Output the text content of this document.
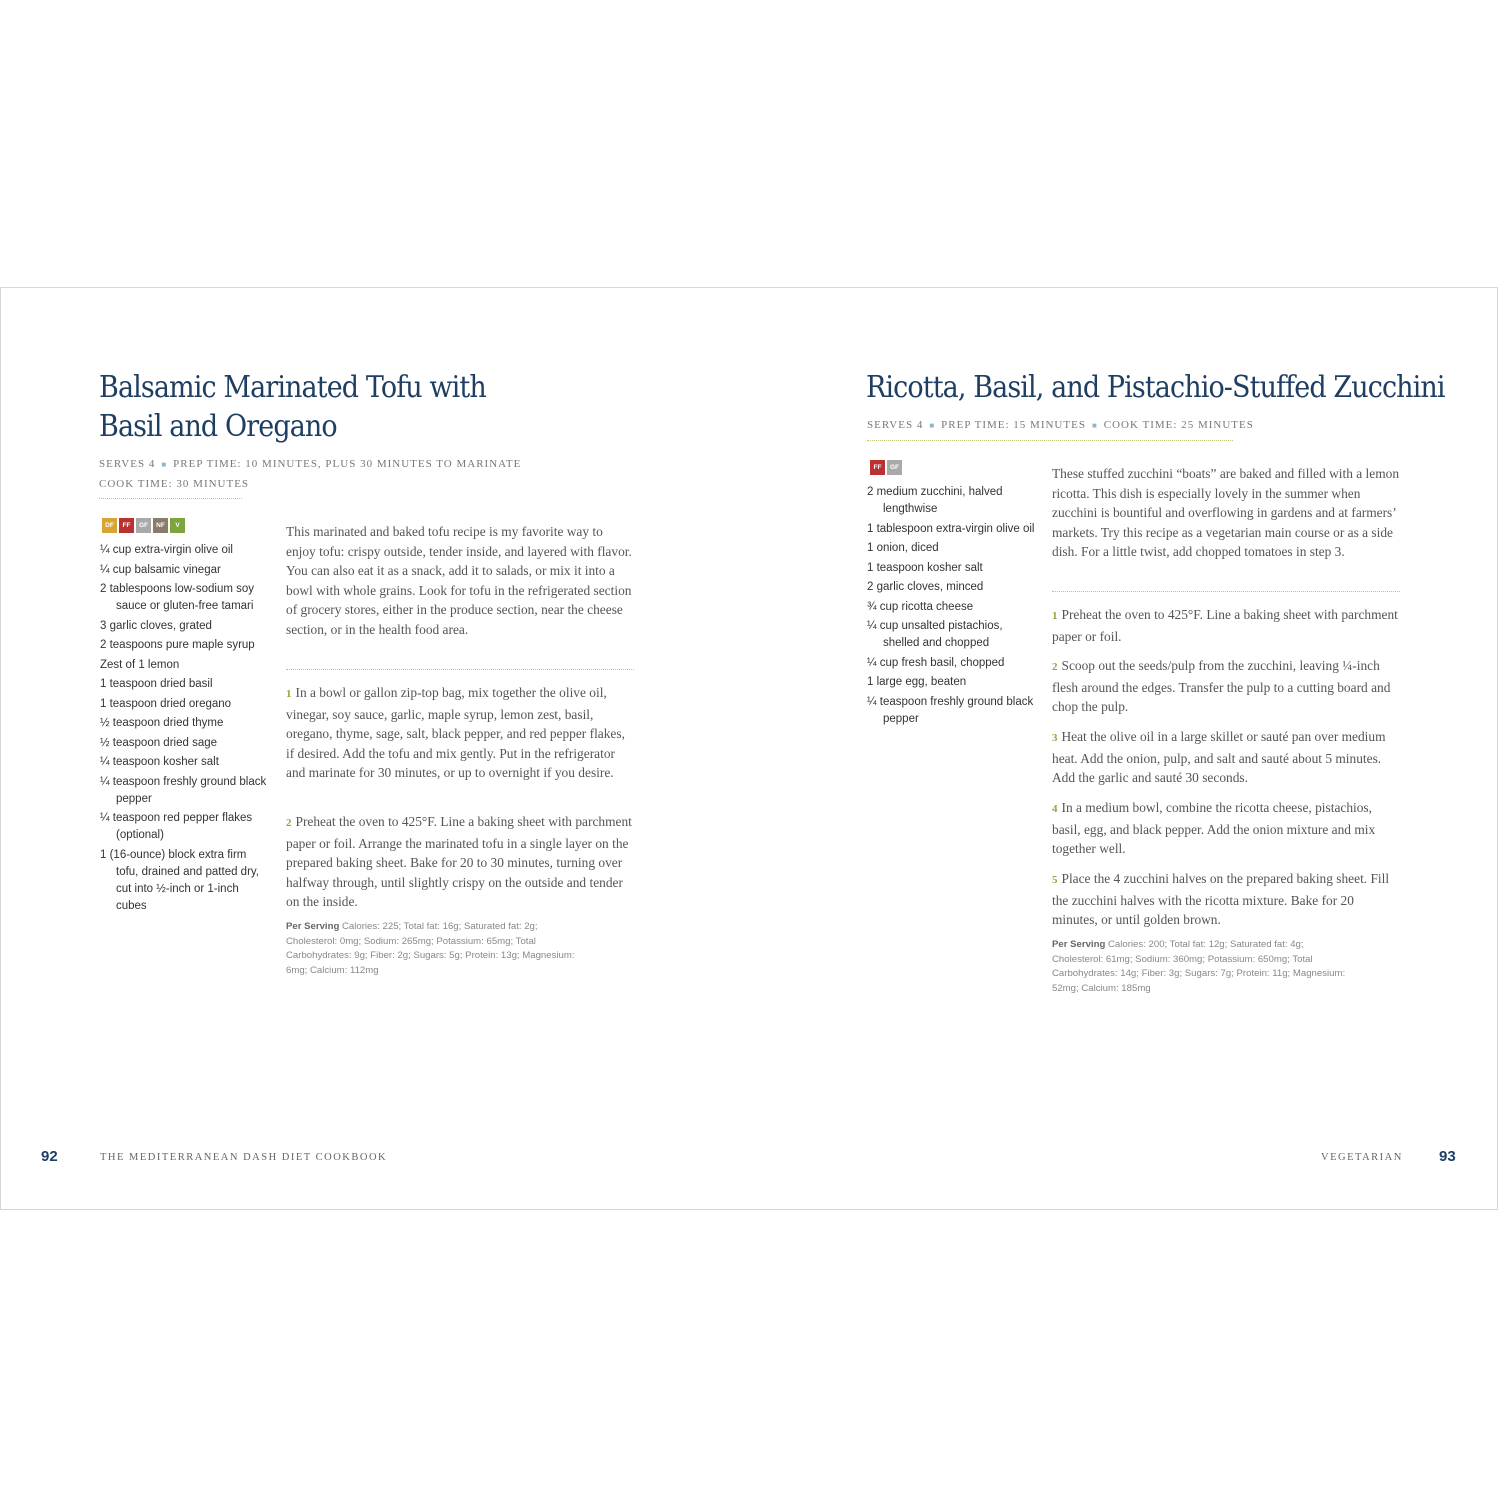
Balsamic Marinated Tofu with
Basil and Oregano
SERVES 4 ■ PREP TIME: 10 MINUTES, PLUS 30 MINUTES TO MARINATE
COOK TIME: 30 MINUTES
DF	FF	GF	NF	V
¼ cup extra-virgin olive oil
¼ cup balsamic vinegar
2 tablespoons low-sodium soy sauce or gluten-free tamari
3 garlic cloves, grated
2 teaspoons pure maple syrup
Zest of 1 lemon
1 teaspoon dried basil
1 teaspoon dried oregano
½ teaspoon dried thyme
½ teaspoon dried sage
¼ teaspoon kosher salt
¼ teaspoon freshly ground black pepper
¼ teaspoon red pepper flakes (optional)
1 (16-ounce) block extra firm tofu, drained and patted dry, cut into ½-inch or 1-inch cubes

This marinated and baked tofu recipe is my favorite way to enjoy tofu: crispy outside, tender inside, and layered with flavor. You can also eat it as a snack, add it to salads, or mix it into a bowl with whole grains. Look for tofu in the refrigerated section of grocery stores, either in the produce section, near the cheese section, or in the health food area.

1 In a bowl or gallon zip-top bag, mix together the olive oil, vinegar, soy sauce, garlic, maple syrup, lemon zest, basil, oregano, thyme, sage, salt, black pepper, and red pepper flakes, if desired. Add the tofu and mix gently. Put in the refrigerator and marinate for 30 minutes, or up to overnight if you desire.

2 Preheat the oven to 425°F. Line a baking sheet with parchment paper or foil. Arrange the marinated tofu in a single layer on the prepared baking sheet. Bake for 20 to 30 minutes, turning over halfway through, until slightly crispy on the outside and tender on the inside.

Per Serving Calories: 225; Total fat: 16g; Saturated fat: 2g; Cholesterol: 0mg; Sodium: 265mg; Potassium: 65mg; Total Carbohydrates: 9g; Fiber: 2g; Sugars: 5g; Protein: 13g; Magnesium: 6mg; Calcium: 112mg

92	THE MEDITERRANEAN DASH DIET COOKBOOK
Ricotta, Basil, and Pistachio-Stuffed Zucchini
SERVES 4 ■ PREP TIME: 15 MINUTES ■ COOK TIME: 25 MINUTES
FF	GF
2 medium zucchini, halved lengthwise
1 tablespoon extra-virgin olive oil
1 onion, diced
1 teaspoon kosher salt
2 garlic cloves, minced
¾ cup ricotta cheese
¼ cup unsalted pistachios, shelled and chopped
¼ cup fresh basil, chopped
1 large egg, beaten
¼ teaspoon freshly ground black pepper

These stuffed zucchini “boats” are baked and filled with a lemon ricotta. This dish is especially lovely in the summer when zucchini is bountiful and overflowing in gardens and at farmers’ markets. Try this recipe as a vegetarian main course or as a side dish. For a little twist, add chopped tomatoes in step 3.

1 Preheat the oven to 425°F. Line a baking sheet with parchment paper or foil.

2 Scoop out the seeds/pulp from the zucchini, leaving ¼-inch flesh around the edges. Transfer the pulp to a cutting board and chop the pulp.

3 Heat the olive oil in a large skillet or sauté pan over medium heat. Add the onion, pulp, and salt and sauté about 5 minutes. Add the garlic and sauté 30 seconds.

4 In a medium bowl, combine the ricotta cheese, pistachios, basil, egg, and black pepper. Add the onion mixture and mix together well.

5 Place the 4 zucchini halves on the prepared baking sheet. Fill the zucchini halves with the ricotta mixture. Bake for 20 minutes, or until golden brown.

Per Serving Calories: 200; Total fat: 12g; Saturated fat: 4g; Cholesterol: 61mg; Sodium: 360mg; Potassium: 650mg; Total Carbohydrates: 14g; Fiber: 3g; Sugars: 7g; Protein: 11g; Magnesium: 52mg; Calcium: 185mg

VEGETARIAN 93
